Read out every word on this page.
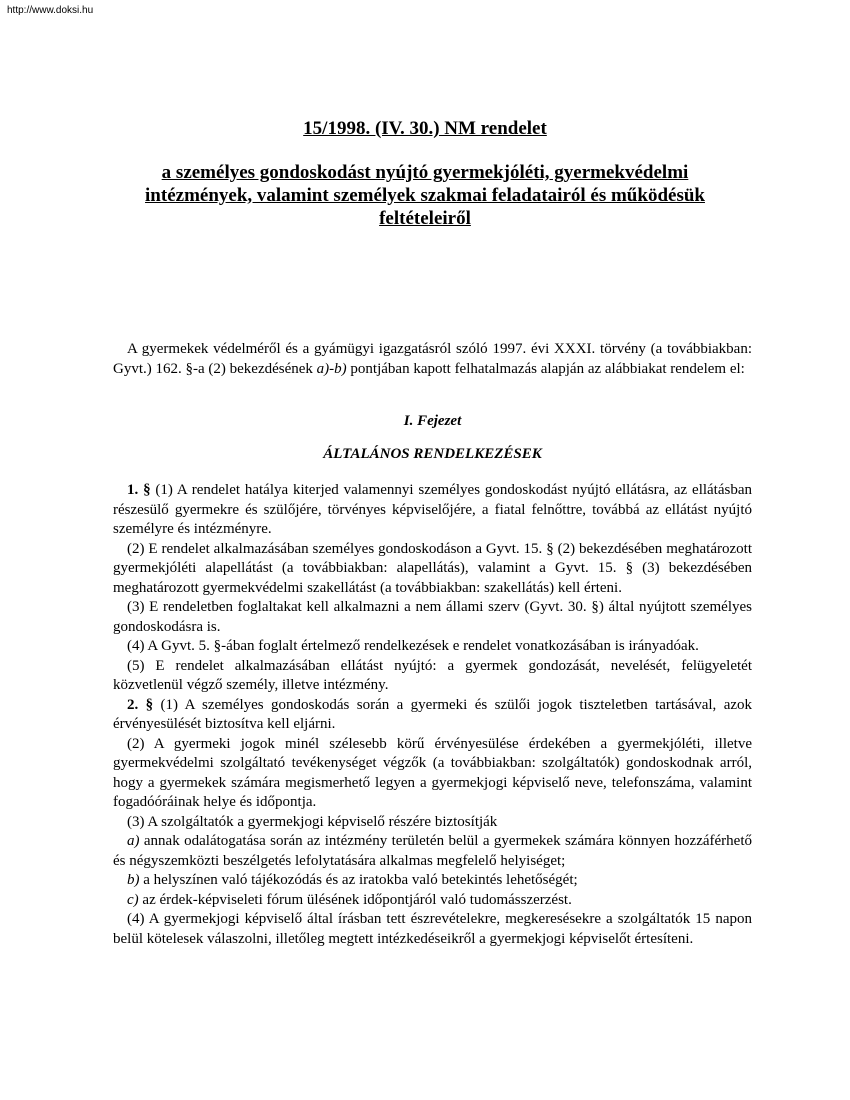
http://www.doksi.hu
15/1998. (IV. 30.) NM rendelet
a személyes gondoskodást nyújtó gyermekjóléti, gyermekvédelmi intézmények, valamint személyek szakmai feladatairól és működésük feltételeiről

A gyermekek védelméről és a gyámügyi igazgatásról szóló 1997. évi XXXI. törvény (a továbbiakban: Gyvt.) 162. §-a (2) bekezdésének a)-b) pontjában kapott felhatalmazás alapján az alábbiakat rendelem el:

I. Fejezet

ÁLTALÁNOS RENDELKEZÉSEK

1. § (1) A rendelet hatálya kiterjed valamennyi személyes gondoskodást nyújtó ellátásra, az ellátásban részesülő gyermekre és szülőjére, törvényes képviselőjére, a fiatal felnőttre, továbbá az ellátást nyújtó személyre és intézményre.

(2) E rendelet alkalmazásában személyes gondoskodáson a Gyvt. 15. § (2) bekezdésében meghatározott gyermekjóléti alapellátást (a továbbiakban: alapellátás), valamint a Gyvt. 15. § (3) bekezdésében meghatározott gyermekvédelmi szakellátást (a továbbiakban: szakellátás) kell érteni.

(3) E rendeletben foglaltakat kell alkalmazni a nem állami szerv (Gyvt. 30. §) által nyújtott személyes gondoskodásra is.

(4) A Gyvt. 5. §-ában foglalt értelmező rendelkezések e rendelet vonatkozásában is irányadóak.

(5) E rendelet alkalmazásában ellátást nyújtó: a gyermek gondozását, nevelését, felügyeletét közvetlenül végző személy, illetve intézmény.

2. § (1) A személyes gondoskodás során a gyermeki és szülői jogok tiszteletben tartásával, azok érvényesülését biztosítva kell eljárni.

(2) A gyermeki jogok minél szélesebb körű érvényesülése érdekében a gyermekjóléti, illetve gyermekvédelmi szolgáltató tevékenységet végzők (a továbbiakban: szolgáltatók) gondoskodnak arról, hogy a gyermekek számára megismerhető legyen a gyermekjogi képviselő neve, telefonszáma, valamint fogadóóráinak helye és időpontja.

(3) A szolgáltatók a gyermekjogi képviselő részére biztosítják

a) annak odalátogatása során az intézmény területén belül a gyermekek számára könnyen hozzáférhető és négyszemközti beszélgetés lefolytatására alkalmas megfelelő helyiséget;

b) a helyszínen való tájékozódás és az iratokba való betekintés lehetőségét;

c) az érdek-képviseleti fórum ülésének időpontjáról való tudomásszerzést.

(4) A gyermekjogi képviselő által írásban tett észrevételekre, megkeresésekre a szolgáltatók 15 napon belül kötelesek válaszolni, illetőleg megtett intézkedéseikről a gyermekjogi képviselőt értesíteni.
